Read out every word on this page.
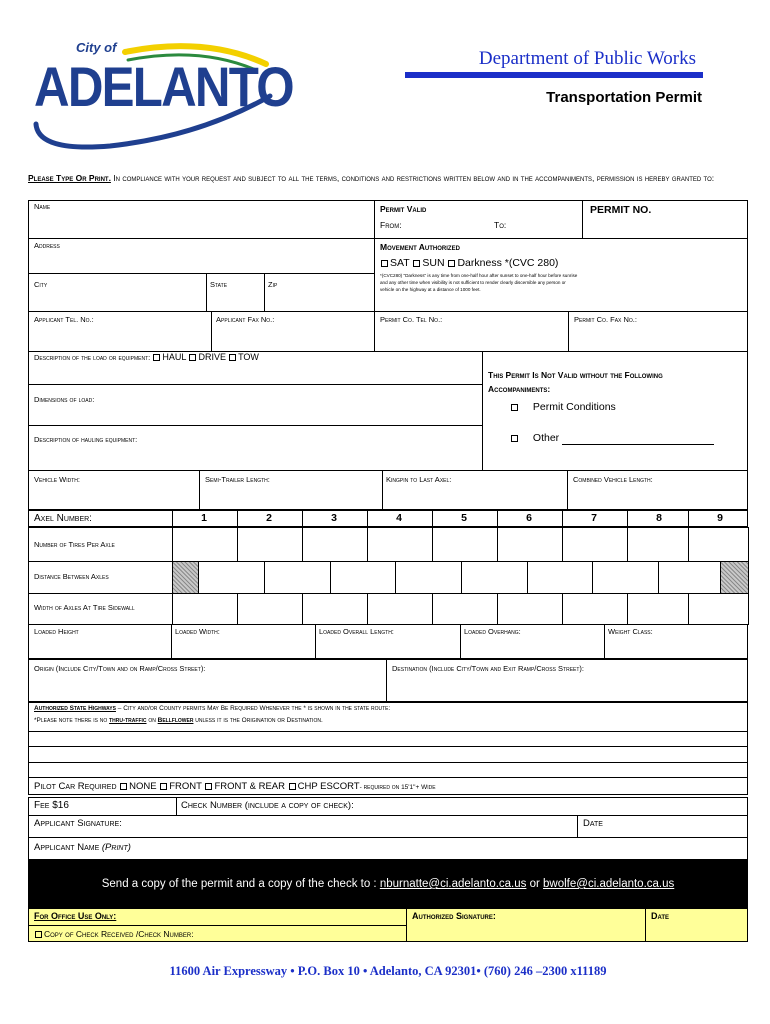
City of
ADELANTO	Department of Public Works
Transportation Permit
Please Type Or Print. In compliance with your request and subject to all the terms, conditions and restrictions written below and in the accompaniments, permission is hereby granted to:
Name	Permit Valid
From:	To:
PERMIT NO.
Address	Movement Authorized
SAT SUN Darkness *(CVC 280)
*(CVC280) "Darkness" is any time from one-half hour after sunset to one-half hour before sunrise and any other time when visibility is not sufficient to render clearly discernible any person or vehicle on the highway at a distance of 1000 feet.
City	State	Zip
Applicant Tel. No.:	Applicant Fax No.:	Permit Co. Tel No.:	Permit Co. Fax No.:
Description of the load or equipment: HAUL DRIVE TOW
This Permit Is Not Valid without the Following
Accompaniments:
Permit Conditions
Other
Dimensions of load:
Description of hauling equipment:
Vehicle Width:	Semi-Trailer Length:	Kingpin to Last Axel:	Combined Vehicle Length:
Axel Number:	1	2	3	4	5	6	7	8	9
Number of Tires Per Axle
Distance Between Axles
Width of Axles At Tire Sidewall
Loaded Height	Loaded Width:	Loaded Overall Length:	Loaded Overhang:	Weight Class:
Origin (Include City/Town and on Ramp/Cross Street):	Destination (Include City/Town and Exit Ramp/Cross Street):
Authorized State Highways – City and/or County permits May Be Required Whenever the * is shown in the state route:
*Please note there is no thru-traffic on Bellflower unless it is the Origination or Destination.
Pilot Car Required NONE FRONT FRONT & REAR CHP ESCORT- required on 15'1"+ Wide
Fee $16	Check Number (include a copy of check):
Applicant Signature:	Date
Applicant Name (Print)
Send a copy of the permit and a copy of the check to : nburnatte@ci.adelanto.ca.us or bwolfe@ci.adelanto.ca.us
For Office Use Only:	Authorized Signature:	Date
Copy of Check Received /Check Number:
11600 Air Expressway • P.O. Box 10 • Adelanto, CA 92301• (760) 246 –2300 x11189
